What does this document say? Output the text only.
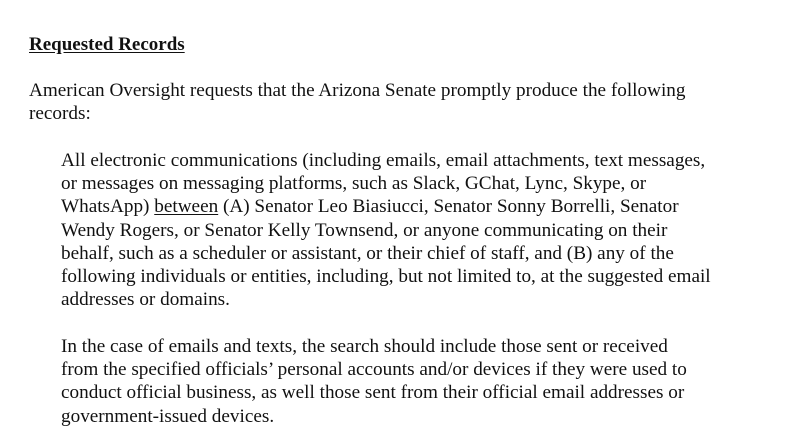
Requested Records

American Oversight requests that the Arizona Senate promptly produce the following
records:

All electronic communications (including emails, email attachments, text messages,
or messages on messaging platforms, such as Slack, GChat, Lync, Skype, or
WhatsApp) between (A) Senator Leo Biasiucci, Senator Sonny Borrelli, Senator
Wendy Rogers, or Senator Kelly Townsend, or anyone communicating on their
behalf, such as a scheduler or assistant, or their chief of staff, and (B) any of the
following individuals or entities, including, but not limited to, at the suggested email
addresses or domains.

In the case of emails and texts, the search should include those sent or received
from the specified officials’ personal accounts and/or devices if they were used to
conduct official business, as well those sent from their official email addresses or
government-issued devices.
